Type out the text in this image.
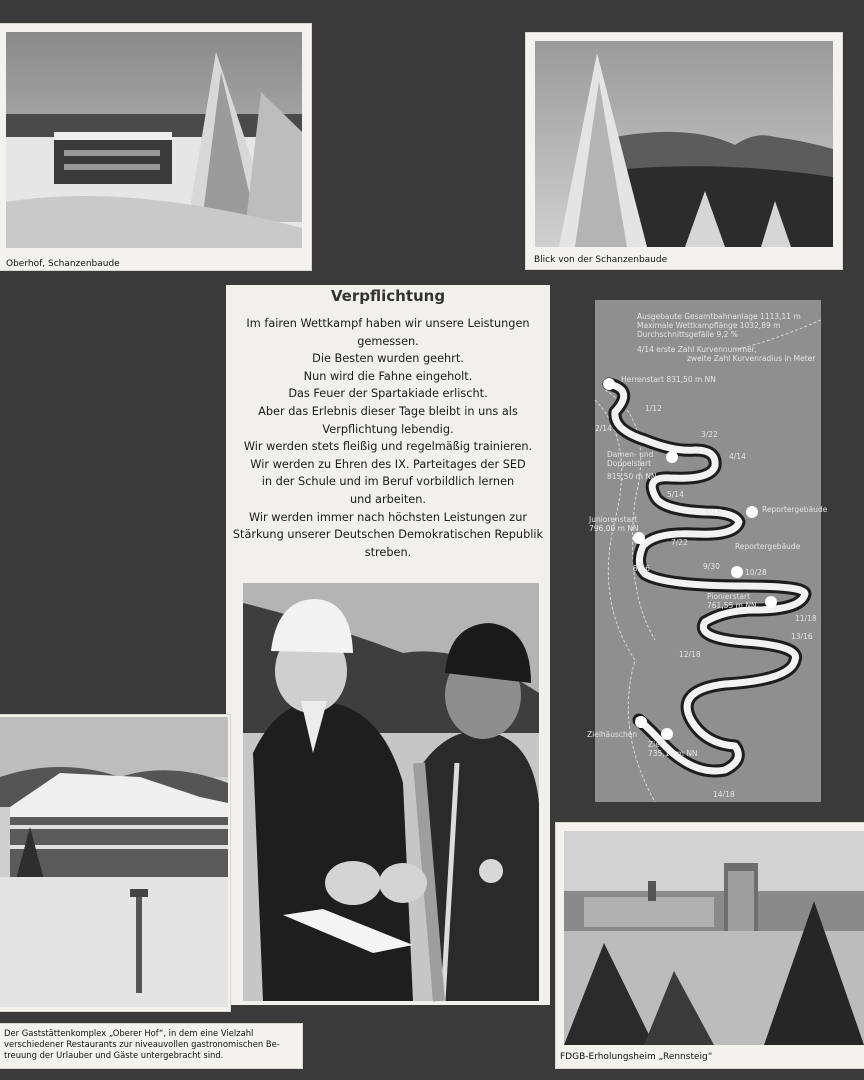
Oberhof, Schanzenbaude	Blick von der Schanzenbaude
Verpflichtung
Im fairen Wettkampf haben wir unsere Leistungen
gemessen.
Die Besten wurden geehrt.
Nun wird die Fahne eingeholt.
Das Feuer der Spartakiade erlischt.
Aber das Erlebnis dieser Tage bleibt in uns als
Verpflichtung lebendig.
Wir werden stets fleißig und regelmäßig trainieren.
Wir werden zu Ehren des IX. Parteitages der SED
in der Schule und im Beruf vorbildlich lernen
und arbeiten.
Wir werden immer nach höchsten Leistungen zur
Stärkung unserer Deutschen Demokratischen Republik
streben.
Ausgebaute Gesamtbahnanlage 1113,11 m
Maximale Wettkampflänge 1032,89 m
Durchschnittsgefälle 9,2 %
4/14 erste Zahl Kurvennummer,
zweite Zahl Kurvenradius in Meter
Herrenstart 831,50 m NN
1/12
2/14
3/22
Damen- und
Doppelstart
815,50 m NN
4/14
5/14
Reportergebäude
6/16
Juniorenstart
796,00 m NN
7/22	Reportergebäude
8/16	9/30
10/28
Pionierstart
761,55 m NN
11/18
13/16
12/18
Zielhäuschen
Ziel
735,13 m NN
14/18

Der Gaststättenkomplex „Oberer Hof“, in dem eine Vielzahl

verschiedener Restaurants zur niveauvollen gastronomischen Be-

treuung der Urlauber und Gäste untergebracht sind.	FDGB-Erholungsheim „Rennsteig“
